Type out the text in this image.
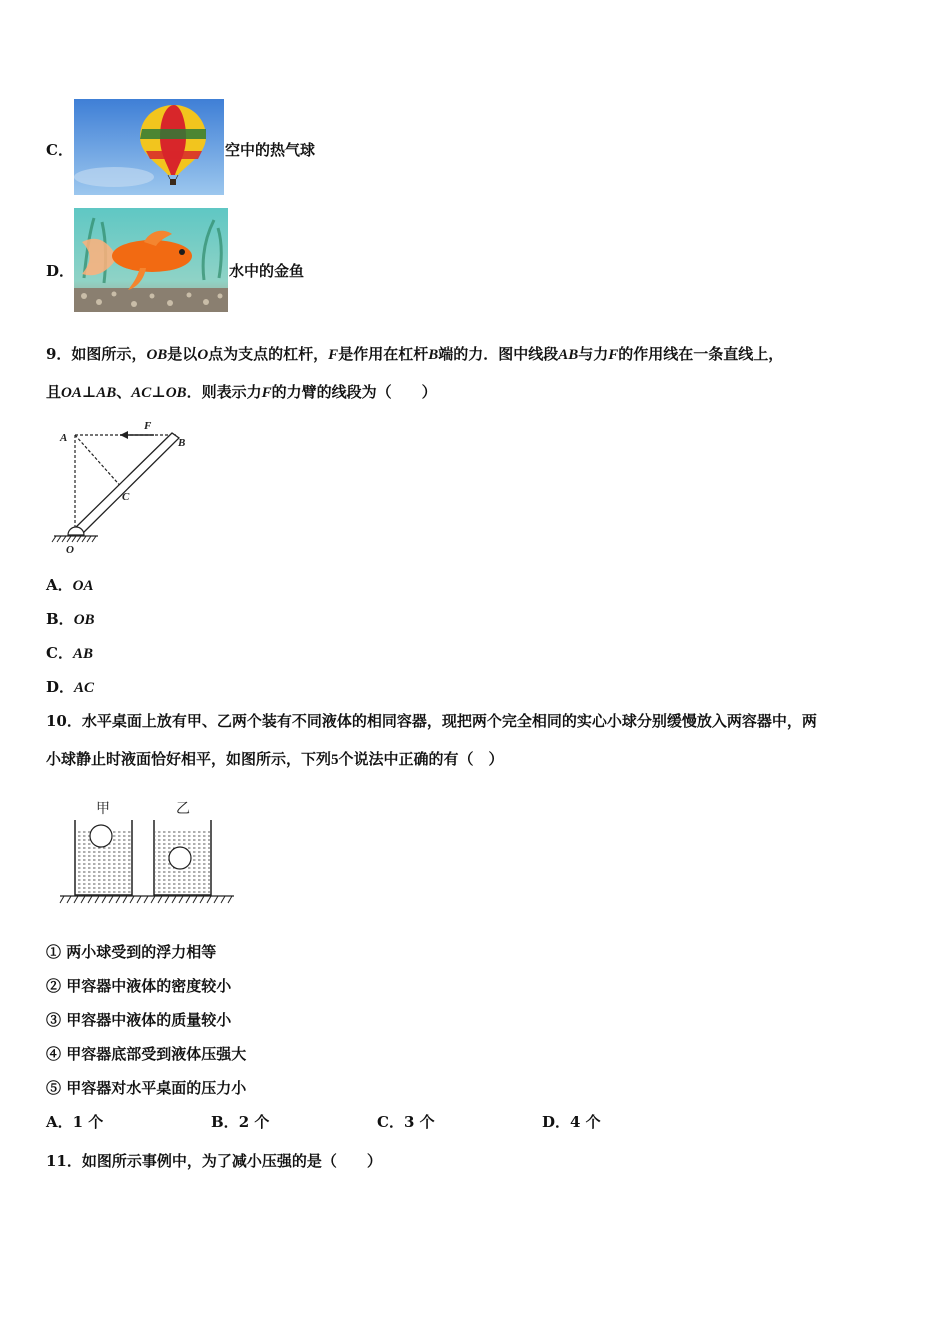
C．	空中的热气球
D．	水中的金鱼
9．如图所示，OB是以O点为支点的杠杆，F是作用在杠杆B端的力．图中线段AB与力F的作用线在一条直线上，
且OA⊥AB、AC⊥OB．则表示力F的力臂的线段为（　　）
A
F
B
C
O
A．OA
B．OB
C．AB
D．AC
10．水平桌面上放有甲、乙两个装有不同液体的相同容器，现把两个完全相同的实心小球分别缓慢放入两容器中，两
小球静止时液面恰好相平，如图所示，下列5个说法中正确的有（　）
甲	乙
① 两小球受到的浮力相等
② 甲容器中液体的密度较小
③ 甲容器中液体的质量较小
④ 甲容器底部受到液体压强大
⑤ 甲容器对水平桌面的压力小
A．1 个	B．2 个	C．3 个	D．4 个
11．如图所示事例中，为了减小压强的是（　　）
